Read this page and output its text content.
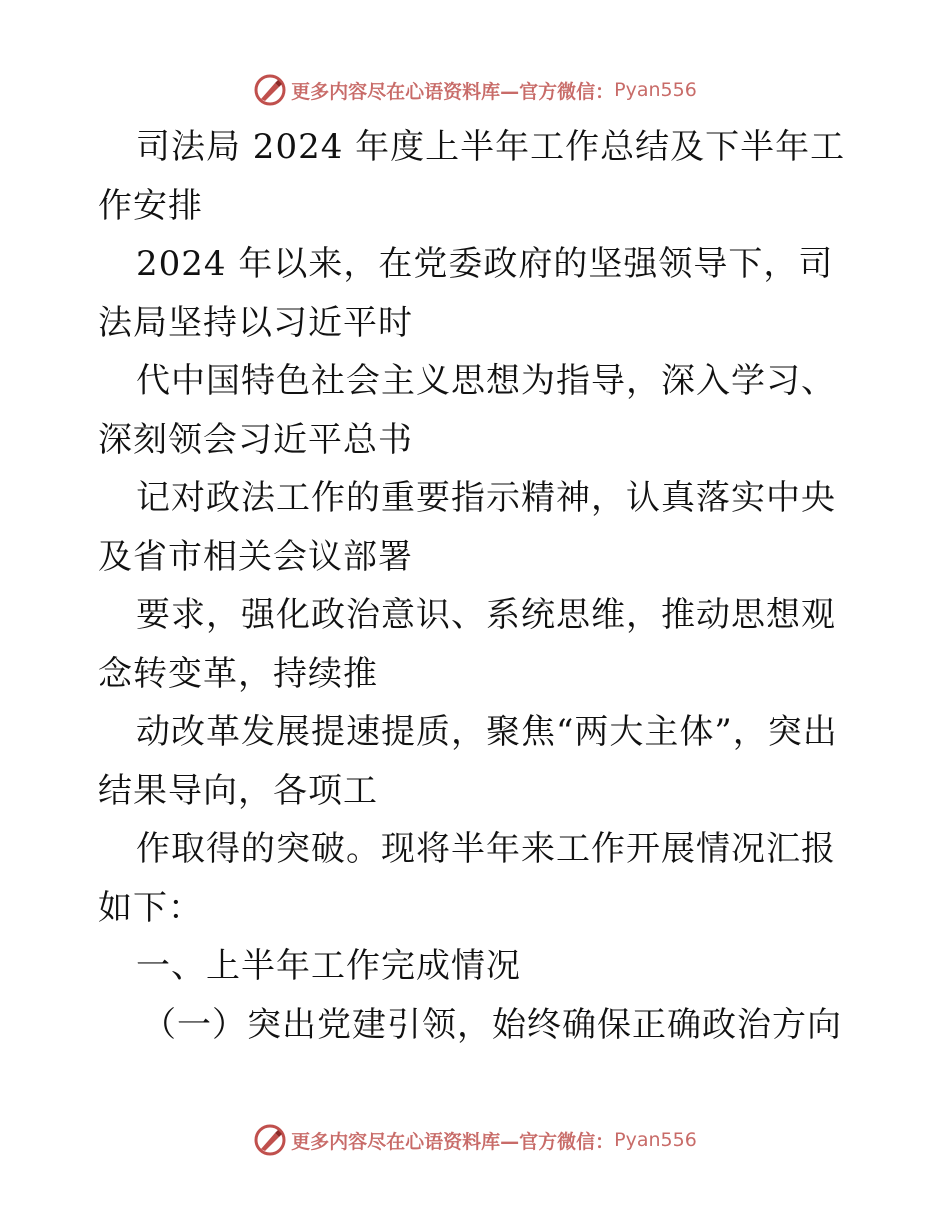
更多内容尽在心语资料库—官方微信： Pyan556

司法局 2024 年度上半年工作总结及下半年工作安排

2024 年以来，在党委政府的坚强领导下，司法局坚持以习近平时

代中国特色社会主义思想为指导，深入学习、深刻领会习近平总书

记对政法工作的重要指示精神，认真落实中央及省市相关会议部署

要求，强化政治意识、系统思维，推动思想观念转变革，持续推

动改革发展提速提质，聚焦“两大主体”，突出结果导向，各项工

作取得的突破。现将半年来工作开展情况汇报如下：

一、上半年工作完成情况

（一）突出党建引领，始终确保正确政治方向

更多内容尽在心语资料库—官方微信： Pyan556
